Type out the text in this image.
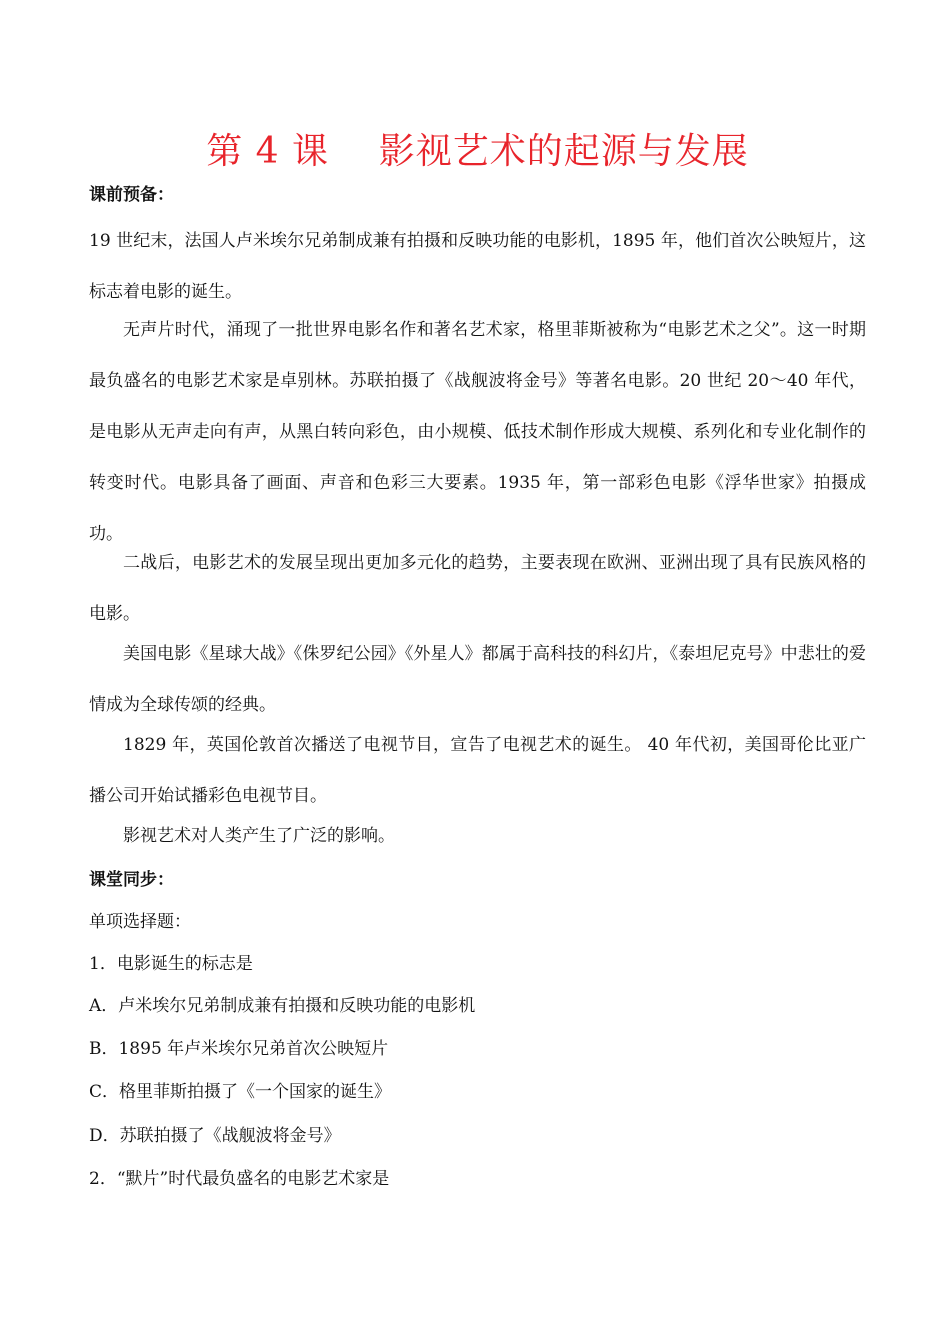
第 4 课    影视艺术的起源与发展
课前预备：
19 世纪末，法国人卢米埃尔兄弟制成兼有拍摄和反映功能的电影机，1895 年，他们首次公映短片，这标志着电影的诞生。
无声片时代，涌现了一批世界电影名作和著名艺术家，格里菲斯被称为“电影艺术之父”。这一时期最负盛名的电影艺术家是卓别林。苏联拍摄了《战舰波将金号》等著名电影。20 世纪 20～40 年代，是电影从无声走向有声，从黑白转向彩色，由小规模、低技术制作形成大规模、系列化和专业化制作的转变时代。电影具备了画面、声音和色彩三大要素。1935 年，第一部彩色电影《浮华世家》拍摄成功。
二战后，电影艺术的发展呈现出更加多元化的趋势，主要表现在欧洲、亚洲出现了具有民族风格的电影。
美国电影《星球大战》《侏罗纪公园》《外星人》都属于高科技的科幻片，《泰坦尼克号》中悲壮的爱情成为全球传颂的经典。
1829 年，英国伦敦首次播送了电视节目，宣告了电视艺术的诞生。 40 年代初，美国哥伦比亚广播公司开始试播彩色电视节目。
影视艺术对人类产生了广泛的影响。
课堂同步：
单项选择题：
1．电影诞生的标志是
A．卢米埃尔兄弟制成兼有拍摄和反映功能的电影机
B．1895 年卢米埃尔兄弟首次公映短片
C．格里菲斯拍摄了《一个国家的诞生》
D．苏联拍摄了《战舰波将金号》
2．“默片”时代最负盛名的电影艺术家是
